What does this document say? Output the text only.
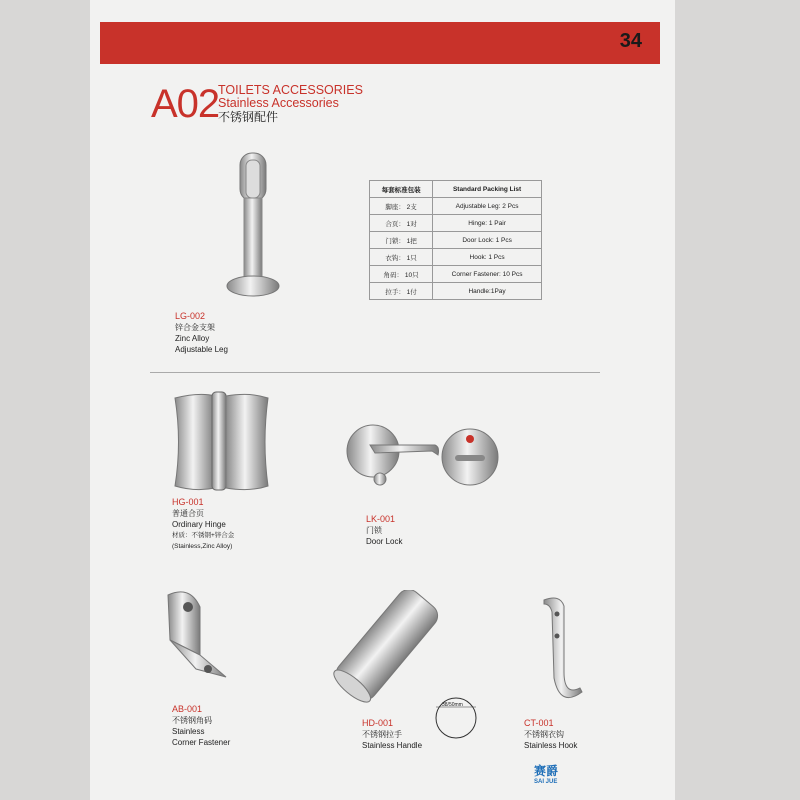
34
A02
TOILETS ACCESSORIES
Stainless Accessories
不锈钢配件
每套标准包装	Standard Packing List
脚座： 2支	Adjustable Leg: 2 Pcs
合页： 1对	Hinge: 1 Pair
门锁： 1把	Door Lock: 1 Pcs
衣钩： 1只	Hook: 1 Pcs
角码： 10只	Corner Fastener: 10 Pcs
拉手： 1付	Handle:1Pay
LG-002
锌合金支架
Zinc Alloy
Adjustable Leg
HG-001
普通合页
Ordinary Hinge
材质：不锈钢+锌合金
(Stainless,Zinc Alloy)
LK-001
门锁
Door Lock
AB-001
不锈钢角码
Stainless
Corner Fastener
HD-001
不锈钢拉手
Stainless Handle
38/50mm
CT-001
不锈钢衣钩
Stainless Hook
赛爵
SAI JUE
